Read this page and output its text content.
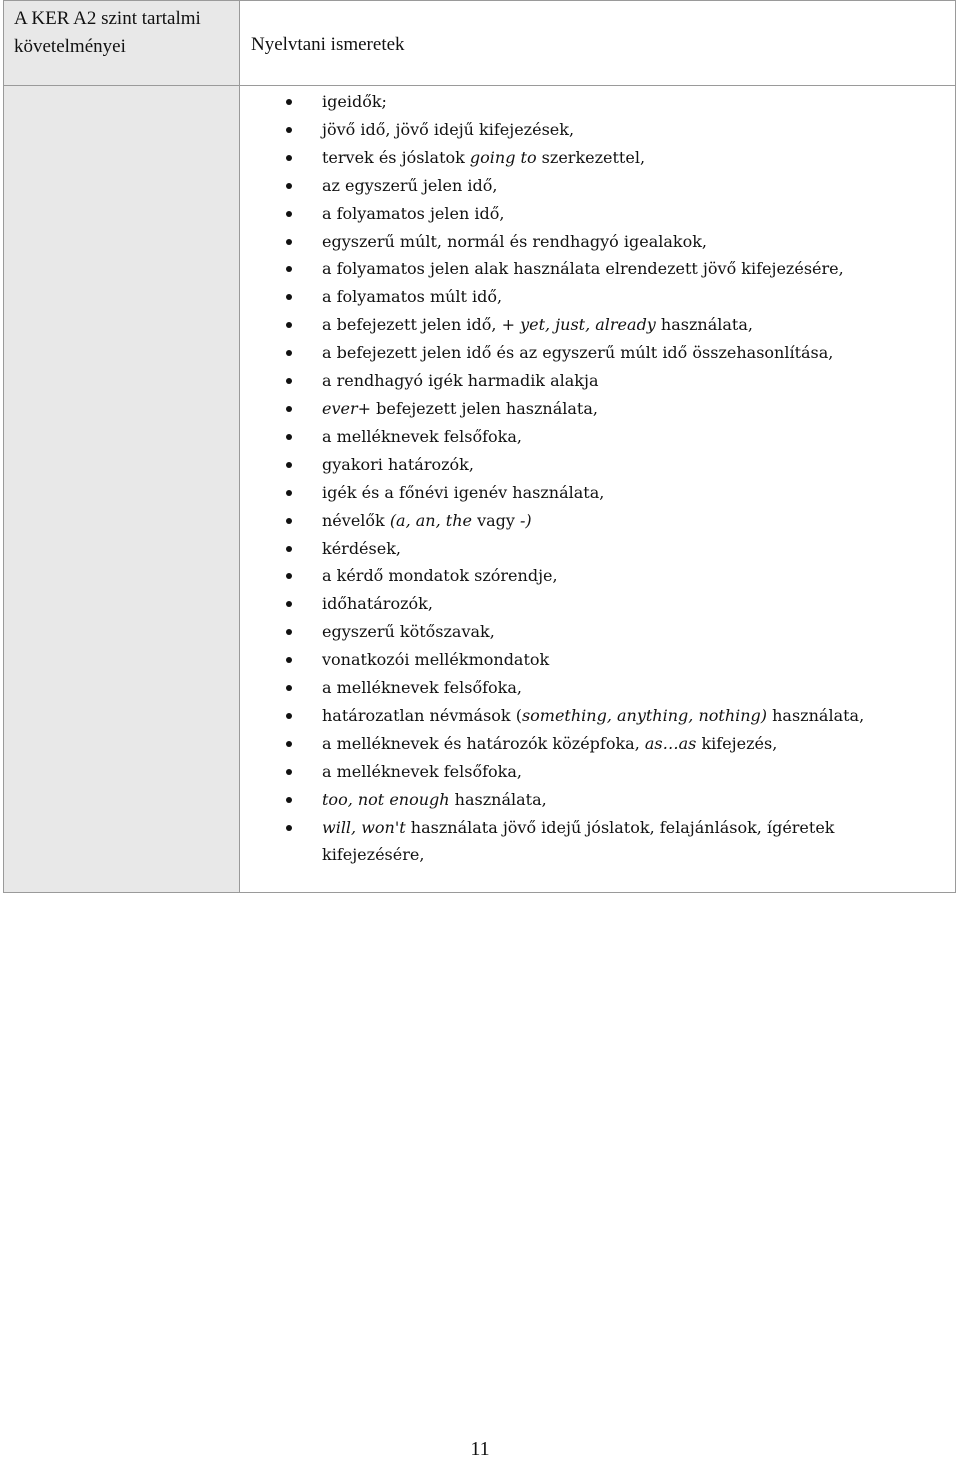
A KER A2 szint tartalmi követelményei	Nyelvtani ismeretek
igeidők;
jövő idő, jövő idejű kifejezések,
tervek és jóslatok going to szerkezettel,
az egyszerű jelen idő,
a folyamatos jelen idő,
egyszerű múlt, normál és rendhagyó igealakok,
a folyamatos jelen alak használata elrendezett jövő kifejezésére,
a folyamatos múlt idő,
a befejezett jelen idő, + yet, just, already használata,
a befejezett jelen idő és az egyszerű múlt idő összehasonlítása,
a rendhagyó igék harmadik alakja
ever+ befejezett jelen használata,
a melléknevek felsőfoka,
gyakori határozók,
igék és a főnévi igenév használata,
névelők (a, an, the vagy -)
kérdések,
a kérdő mondatok szórendje,
időhatározók,
egyszerű kötőszavak,
vonatkozói mellékmondatok
a melléknevek felsőfoka,
határozatlan névmások (something, anything, nothing) használata,
a melléknevek és határozók középfoka, as…as kifejezés,
a melléknevek felsőfoka,
too, not enough használata,
will, won't használata jövő idejű jóslatok, felajánlások, ígéretek kifejezésére,
11
